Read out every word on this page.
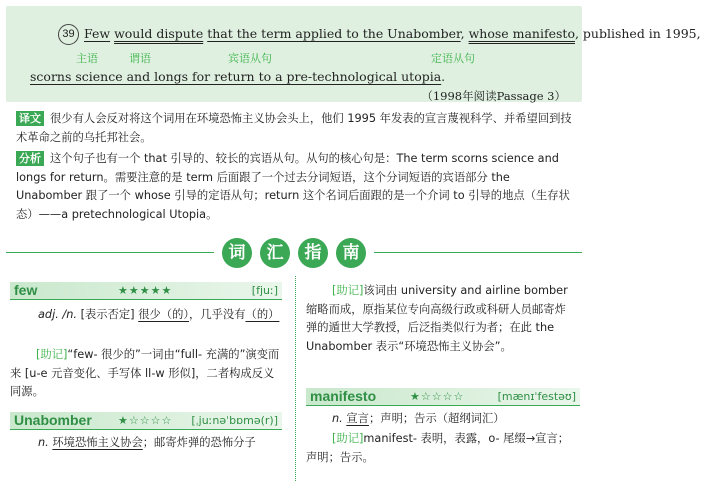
39 Few would dispute that the term applied to the Unabomber, whose manifesto, published in 1995,
主语	谓语	宾语从句	定语从句
scorns science and longs for return to a pre-technological utopia.
（1998年阅读Passage 3）
译文 很少有人会反对将这个词用在环境恐怖主义协会头上，他们 1995 年发表的宣言蔑视科学、并希望回到技术革命之前的乌托邦社会。
分析 这个句子也有一个 that 引导的、较长的宾语从句。从句的核心句是：The term scorns science and longs for return。需要注意的是 term 后面跟了一个过去分词短语，这个分词短语的宾语部分 the Unabomber 跟了一个 whose 引导的定语从句；return 这个名词后面跟的是一个介词 to 引导的地点（生存状态）——a pretechnological Utopia。
词 汇 指 南
few	★★★★★	[fjuː]
adj. /n. [表示否定] 很少（的），几乎没有（的）
[助记]“few- 很少的”一词由“full- 充满的”演变而来 [u-e 元音变化、手写体 ll-w 形似]，二者构成反义同源。
Unabomber ★☆☆☆☆ [ˌjuːnəˈbɒmə(r)]
n. 环境恐怖主义协会；邮寄炸弹的恐怖分子
[助记]该词由 university and airline bomber 缩略而成，原指某位专向高级行政或科研人员邮寄炸弹的遁世大学教授，后泛指类似行为者；在此 the Unabomber 表示“环境恐怖主义协会”。
manifesto	★☆☆☆☆	[mænɪˈfestəʊ]
n. 宣言；声明；告示（超纲词汇）
[助记]manifest- 表明，表露，o- 尾缀→宣言；声明；告示。
